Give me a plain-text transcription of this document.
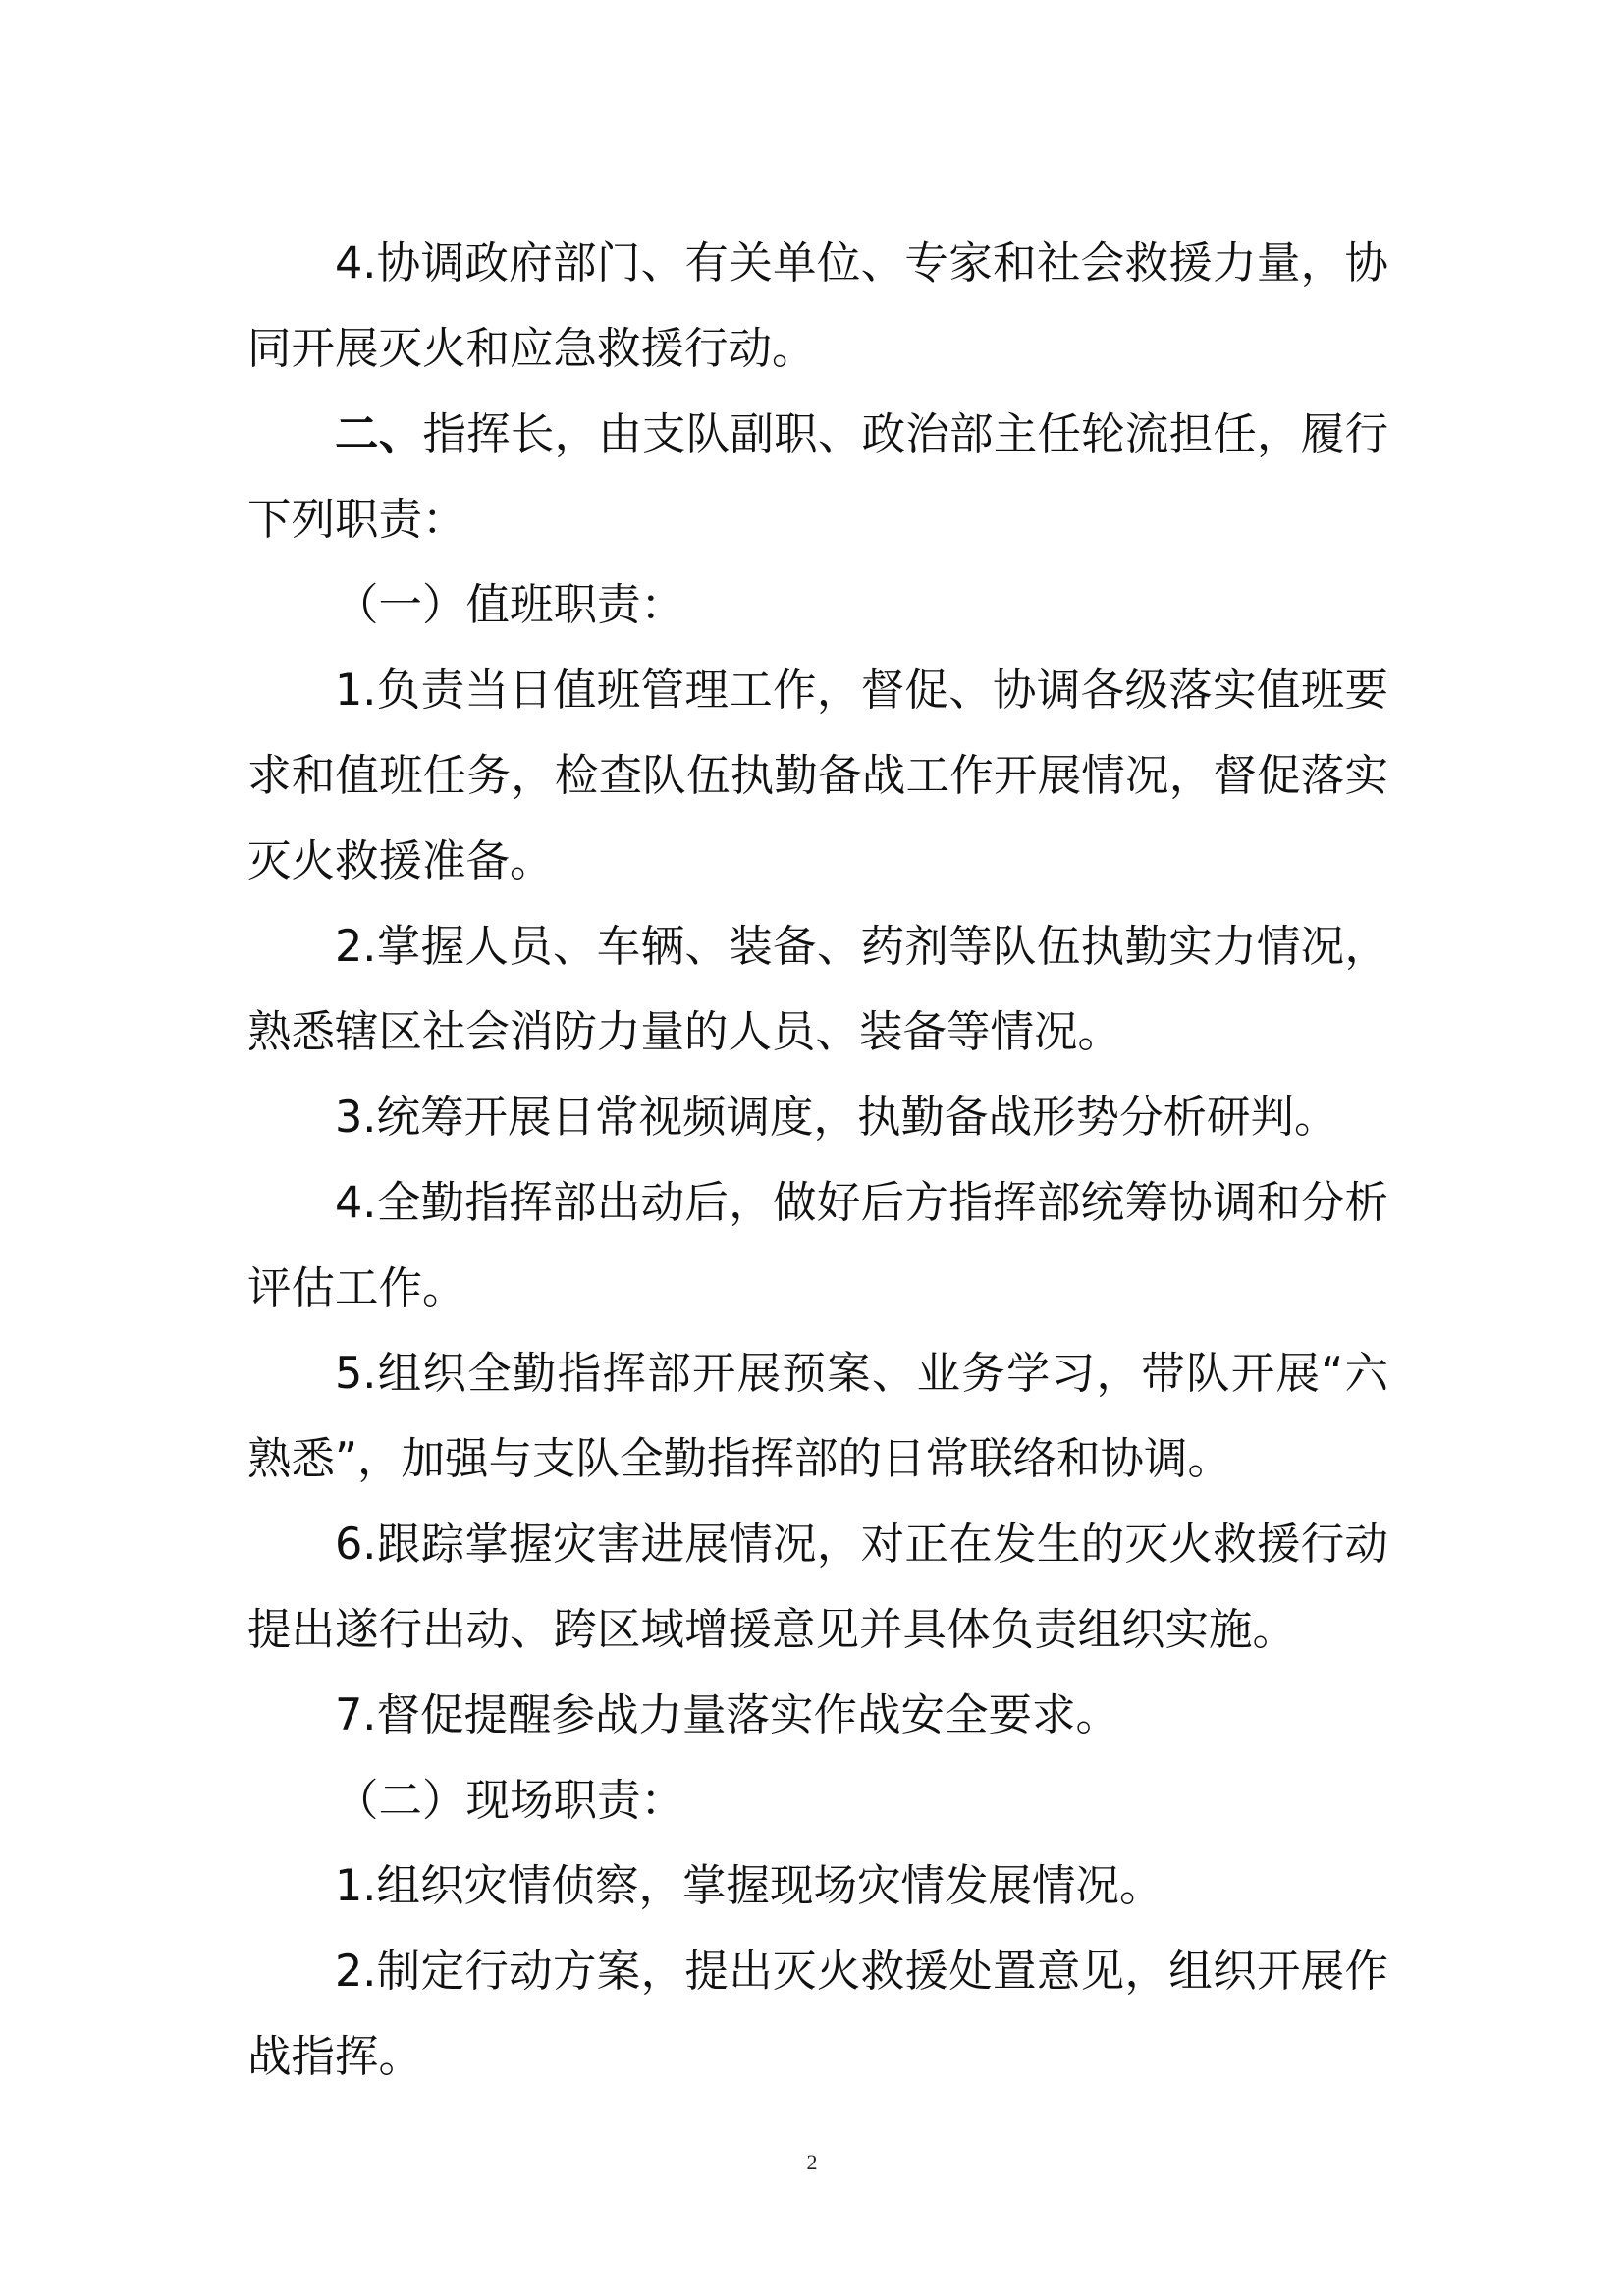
4.协调政府部门、有关单位、专家和社会救援力量，协同开展灭火和应急救援行动。

二、指挥长，由支队副职、政治部主任轮流担任，履行下列职责：

（一）值班职责：

1.负责当日值班管理工作，督促、协调各级落实值班要求和值班任务，检查队伍执勤备战工作开展情况，督促落实灭火救援准备。

2.掌握人员、车辆、装备、药剂等队伍执勤实力情况，熟悉辖区社会消防力量的人员、装备等情况。

3.统筹开展日常视频调度，执勤备战形势分析研判。

4.全勤指挥部出动后，做好后方指挥部统筹协调和分析评估工作。

5.组织全勤指挥部开展预案、业务学习，带队开展“六熟悉”，加强与支队全勤指挥部的日常联络和协调。

6.跟踪掌握灾害进展情况，对正在发生的灭火救援行动提出遂行出动、跨区域增援意见并具体负责组织实施。

7.督促提醒参战力量落实作战安全要求。

（二）现场职责：

1.组织灾情侦察，掌握现场灾情发展情况。

2.制定行动方案，提出灭火救援处置意见，组织开展作战指挥。

2
